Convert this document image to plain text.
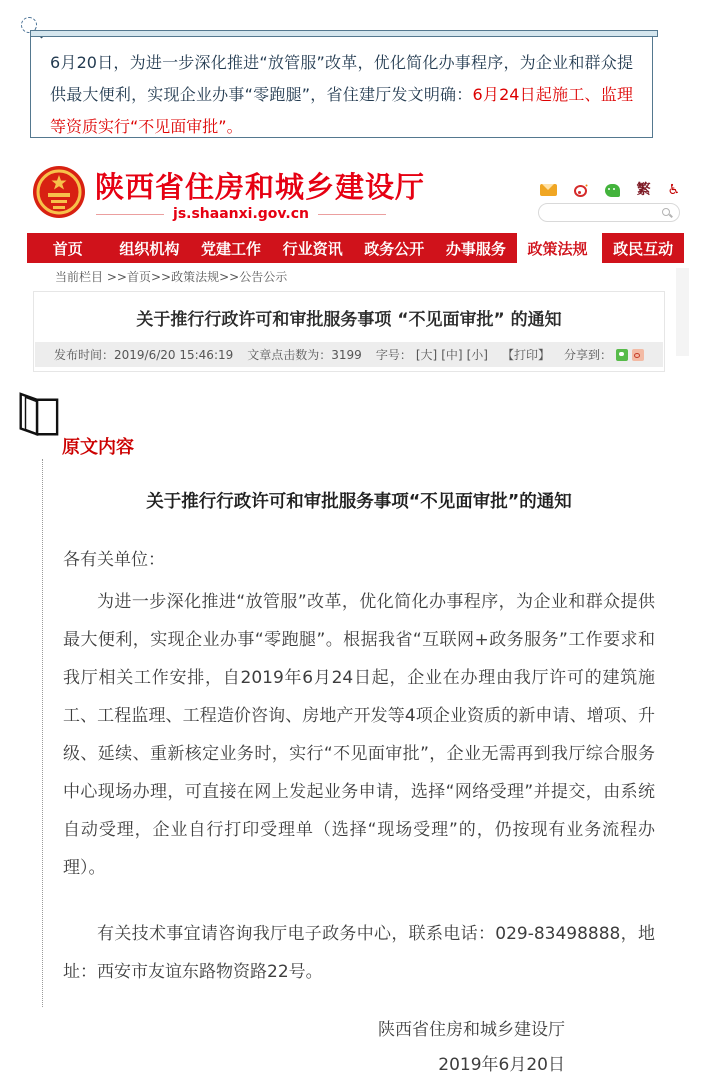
6月20日，为进一步深化推进“放管服”改革，优化简化办事程序，为企业和群众提供最大便利，实现企业办事“零跑腿”，省住建厅发文明确：6月24日起施工、监理等资质实行“不见面审批”。
陕西省住房和城乡建设厅
js.shaanxi.gov.cn
繁 ♿
首页	组织机构	党建工作	行业资讯	政务公开	办事服务	政策法规	政民互动
当前栏目 >>首页>>政策法规>>公告公示
关于推行行政许可和审批服务事项 “不见面审批” 的通知
发布时间：2019/6/20 15:46:19 文章点击数为：3199 字号： [大] [中] [小] 【打印】 分享到：
原文内容
关于推行行政许可和审批服务事项“不见面审批”的通知
各有关单位：

为进一步深化推进“放管服”改革，优化简化办事程序，为企业和群众提供最大便利，实现企业办事“零跑腿”。根据我省“互联网+政务服务”工作要求和我厅相关工作安排，自2019年6月24日起，企业在办理由我厅许可的建筑施工、工程监理、工程造价咨询、房地产开发等4项企业资质的新申请、增项、升级、延续、重新核定业务时，实行“不见面审批”，企业无需再到我厅综合服务中心现场办理，可直接在网上发起业务申请，选择“网络受理”并提交，由系统自动受理，企业自行打印受理单（选择“现场受理”的，仍按现有业务流程办理）。

有关技术事宜请咨询我厅电子政务中心，联系电话：029-83498888，地址：西安市友谊东路物资路22号。

陕西省住房和城乡建设厅
2019年6月20日
